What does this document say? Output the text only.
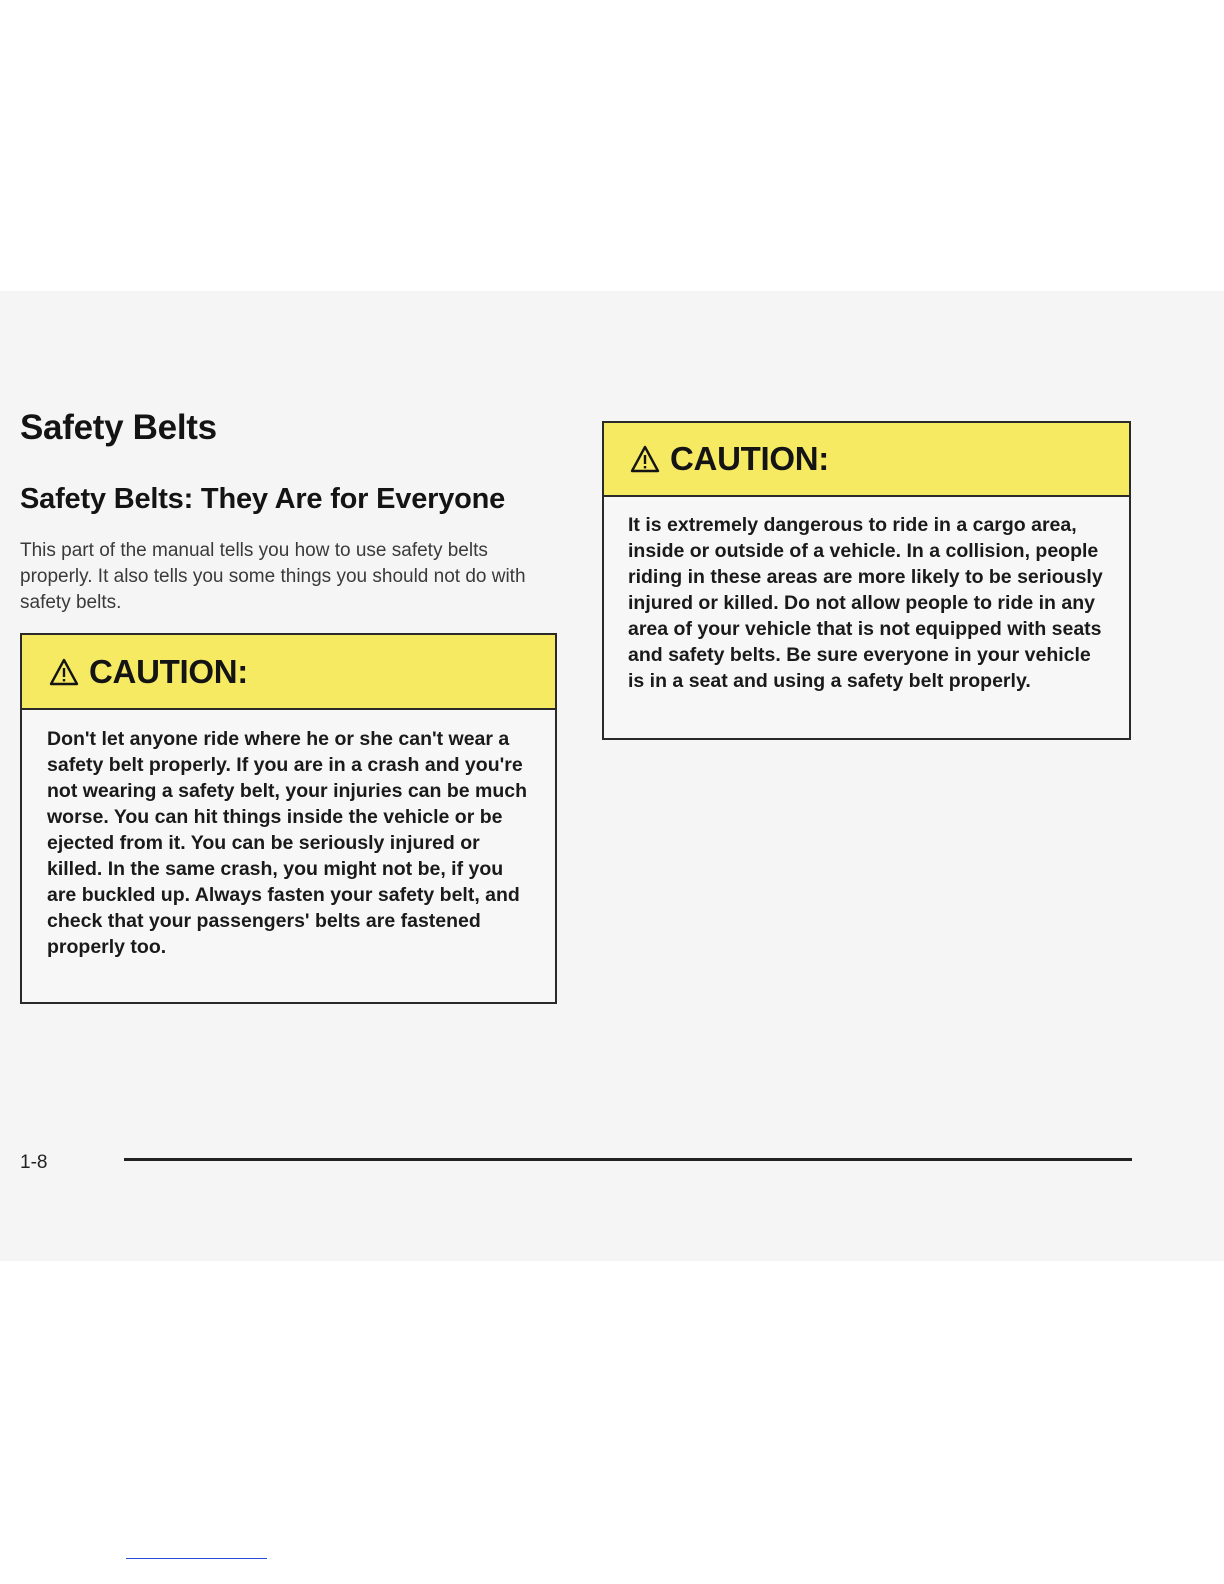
Safety Belts
Safety Belts: They Are for Everyone

This part of the manual tells you how to use safety belts properly. It also tells you some things you should not do with safety belts.

CAUTION:

Don't let anyone ride where he or she can't wear a safety belt properly. If you are in a crash and you're not wearing a safety belt, your injuries can be much worse. You can hit things inside the vehicle or be ejected from it. You can be seriously injured or killed. In the same crash, you might not be, if you are buckled up. Always fasten your safety belt, and check that your passengers' belts are fastened properly too.

CAUTION:

It is extremely dangerous to ride in a cargo area, inside or outside of a vehicle. In a collision, people riding in these areas are more likely to be seriously injured or killed. Do not allow people to ride in any area of your vehicle that is not equipped with seats and safety belts. Be sure everyone in your vehicle is in a seat and using a safety belt properly.

1-8
